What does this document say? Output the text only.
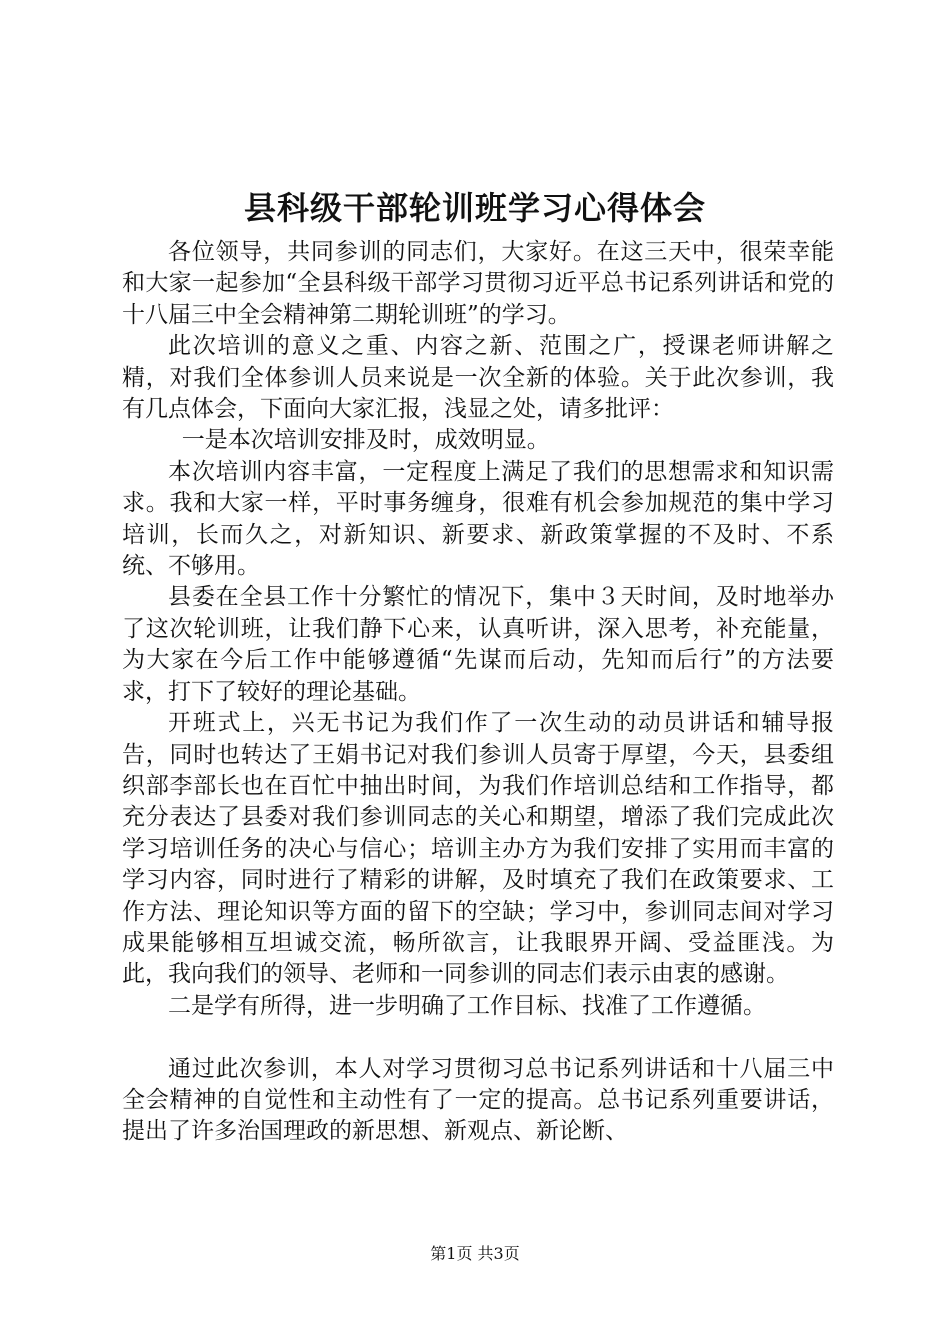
县科级干部轮训班学习心得体会

各位领导，共同参训的同志们，大家好。在这三天中，很荣幸能和大家一起参加“全县科级干部学习贯彻习近平总书记系列讲话和党的十八届三中全会精神第二期轮训班”的学习。

此次培训的意义之重、内容之新、范围之广，授课老师讲解之精，对我们全体参训人员来说是一次全新的体验。关于此次参训，我有几点体会，下面向大家汇报，浅显之处，请多批评：

一是本次培训安排及时，成效明显。

本次培训内容丰富，一定程度上满足了我们的思想需求和知识需求。我和大家一样，平时事务缠身，很难有机会参加规范的集中学习培训，长而久之，对新知识、新要求、新政策掌握的不及时、不系统、不够用。

县委在全县工作十分繁忙的情况下，集中３天时间，及时地举办了这次轮训班，让我们静下心来，认真听讲，深入思考，补充能量，为大家在今后工作中能够遵循“先谋而后动，先知而后行”的方法要求，打下了较好的理论基础。

开班式上，兴无书记为我们作了一次生动的动员讲话和辅导报告，同时也转达了王娟书记对我们参训人员寄于厚望，今天，县委组织部李部长也在百忙中抽出时间，为我们作培训总结和工作指导，都充分表达了县委对我们参训同志的关心和期望，增添了我们完成此次学习培训任务的决心与信心；培训主办方为我们安排了实用而丰富的学习内容，同时进行了精彩的讲解，及时填充了我们在政策要求、工作方法、理论知识等方面的留下的空缺；学习中，参训同志间对学习成果能够相互坦诚交流，畅所欲言，让我眼界开阔、受益匪浅。为此，我向我们的领导、老师和一同参训的同志们表示由衷的感谢。

二是学有所得，进一步明确了工作目标、找准了工作遵循。

通过此次参训，本人对学习贯彻习总书记系列讲话和十八届三中全会精神的自觉性和主动性有了一定的提高。总书记系列重要讲话，提出了许多治国理政的新思想、新观点、新论断、

第1页 共3页
